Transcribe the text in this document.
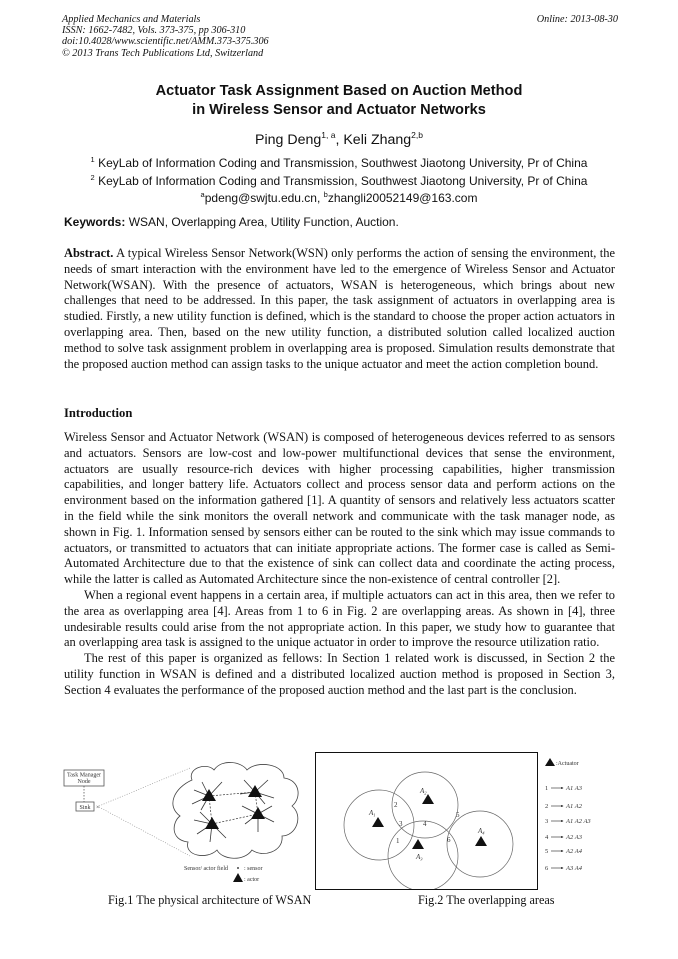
Applied Mechanics and Materials
ISSN: 1662-7482, Vols. 373-375, pp 306-310
doi:10.4028/www.scientific.net/AMM.373-375.306
© 2013 Trans Tech Publications Ltd, Switzerland
Online: 2013-08-30
Actuator Task Assignment Based on Auction Method
in Wireless Sensor and Actuator Networks
Ping Deng$^{1, a}$, Keli Zhang$^{2,b}$
$^1$ KeyLab of Information Coding and Transmission, Southwest Jiaotong University, Pr of China
$^2$ KeyLab of Information Coding and Transmission, Southwest Jiaotong University, Pr of China
$^a$pdeng@swjtu.edu.cn, $^b$zhangli20052149@163.com
Keywords: WSAN, Overlapping Area, Utility Function, Auction.

Abstract. A typical Wireless Sensor Network(WSN) only performs the action of sensing the environment, the needs of smart interaction with the environment have led to the emergence of Wireless Sensor and Actuator Network(WSAN). With the presence of actuators, WSAN is heterogeneous, which brings about new challenges that need to be addressed. In this paper, the task assignment of actuators in overlapping area is studied. Firstly, a new utility function is defined, which is the standard to choose the proper action actuators in overlapping area. Then, based on the new utility function, a distributed solution called localized auction method to solve task assignment problem in overlapping area is proposed. Simulation results demonstrate that the proposed auction method can assign tasks to the unique actuator and meet the action completion bound.

Introduction

Wireless Sensor and Actuator Network (WSAN) is composed of heterogeneous devices referred to as sensors and actuators. Sensors are low-cost and low-power multifunctional devices that sense the environment, actuators are usually resource-rich devices with higher processing capabilities, higher transmission capabilities, and longer battery life. Actuators collect and process sensor data and perform actions on the environment based on the information gathered [1]. A quantity of sensors and relatively less actuators scatter in the field while the sink monitors the overall network and communicate with the task manager node, as shown in Fig. 1. Information sensed by sensors either can be routed to the sink which may issue commands to actuators, or transmitted to actuators that can initiate appropriate actions. The former case is called as Semi-Automated Architecture due to that the existence of sink can collect data and coordinate the acting process, while the latter is called as Automated Architecture since the non-existence of central controller [2].

When a regional event happens in a certain area, if multiple actuators can act in this area, then we refer to the area as overlapping area [4]. Areas from 1 to 6 in Fig. 2 are overlapping areas. As shown in [4], three undesirable results could arise from the not appropriate action. In this paper, we study how to guarantee that an overlapping area task is assigned to the unique actuator in order to improve the resource utilization ratio.

The rest of this paper is organized as fellows: In Section 1 related work is discussed, in Section 2 the utility function in WSAN is defined and a distributed localized auction method is proposed in Section 3, Section 4 evaluates the performance of the proposed auction method and the last part is the conclusion.

Task Manager
Node
Sink ×
Sensor/ actor field	: sensor
: actor
$A_1$
$A_2$
$A_3$
$A_4$
2
3	4
1
5
6
:Actuator
1	A1 A3
2	A1 A2
3	A1 A2 A3
4	A2 A3
5	A2 A4
6	A3 A4
Fig.1 The physical architecture of WSAN	Fig.2 The overlapping areas
